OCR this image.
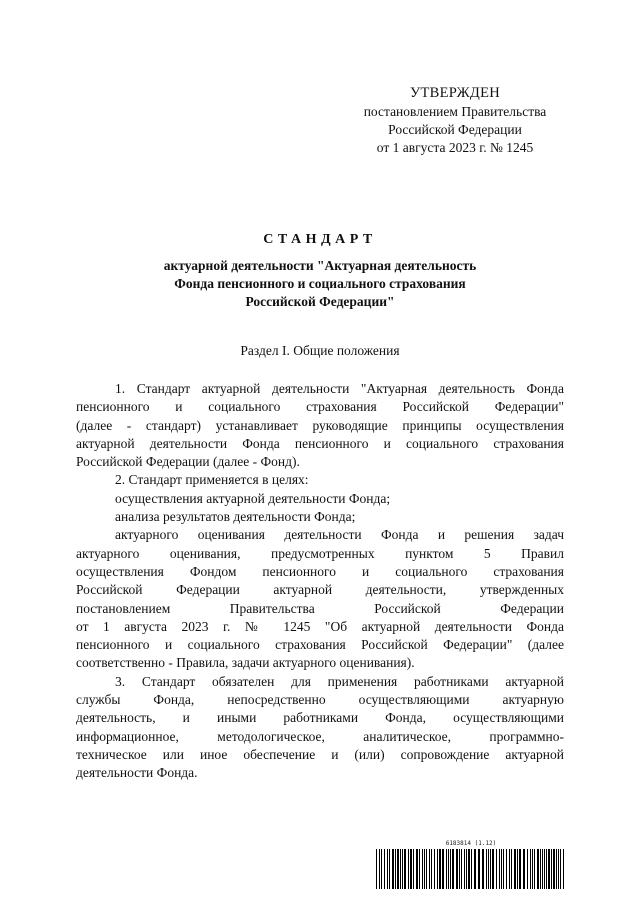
УТВЕРЖДЕН
постановлением Правительства
Российской Федерации
от 1 августа 2023 г. № 1245
СТАНДАРТ
актуарной деятельности "Актуарная деятельность
Фонда пенсионного и социального страхования
Российской Федерации"
Раздел I. Общие положения
1. Стандарт актуарной деятельности "Актуарная деятельность Фонда
пенсионного и социального страхования Российской Федерации"
(далее - стандарт) устанавливает руководящие принципы осуществления
актуарной деятельности Фонда пенсионного и социального страхования
Российской Федерации (далее - Фонд).
2. Стандарт применяется в целях:
осуществления актуарной деятельности Фонда;
анализа результатов деятельности Фонда;
актуарного оценивания деятельности Фонда и решения задач
актуарного оценивания, предусмотренных пунктом 5 Правил
осуществления Фондом пенсионного и социального страхования
Российской Федерации актуарной деятельности, утвержденных
постановлением Правительства Российской Федерации
от 1 августа 2023 г. № 1245 "Об актуарной деятельности Фонда
пенсионного и социального страхования Российской Федерации" (далее
соответственно - Правила, задачи актуарного оценивания).
3. Стандарт обязателен для применения работниками актуарной
службы Фонда, непосредственно осуществляющими актуарную
деятельность, и иными работниками Фонда, осуществляющими
информационное, методологическое, аналитическое, программно-
техническое или иное обеспечение и (или) сопровождение актуарной
деятельности Фонда.
6183814 (1.12)
